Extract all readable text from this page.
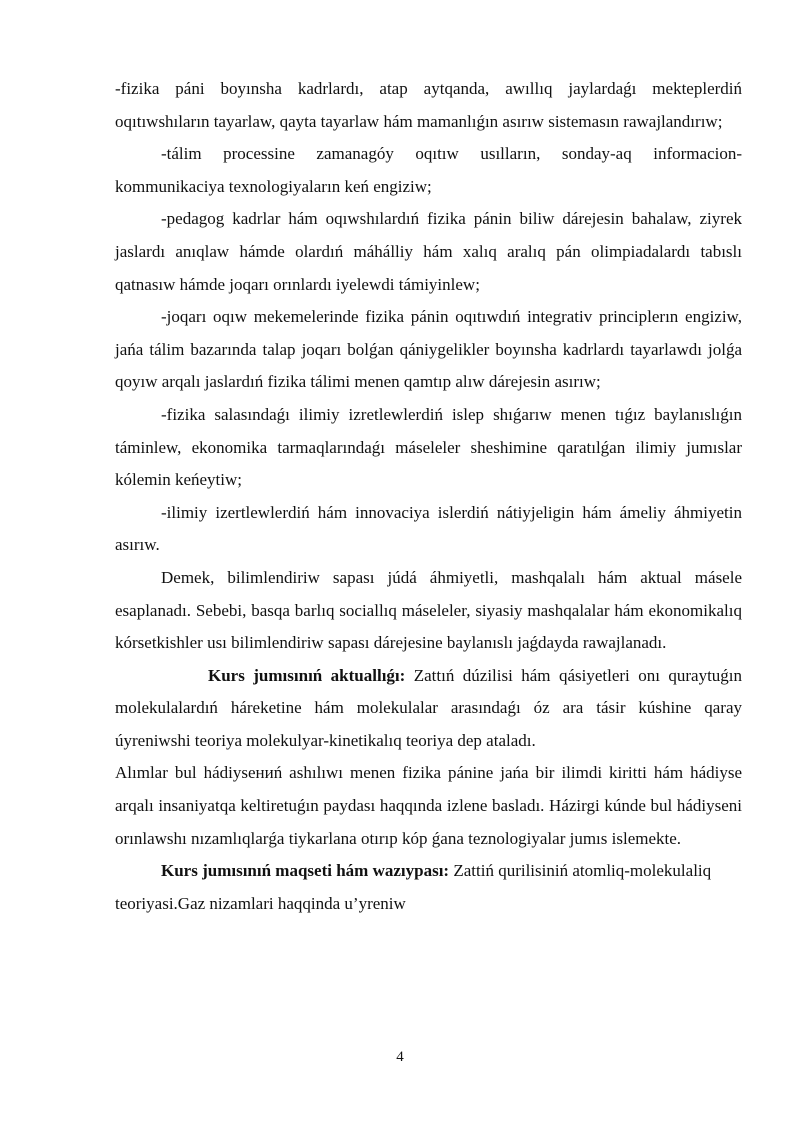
-fizika páni boyınsha kadrlardı, atap aytqanda, awıllıq jaylardaǵı mekteplerdiń oqıtıwshıların tayarlaw, qayta tayarlaw hám mamanlıǵın asırıw sistemasın rawajlandırıw;

-tálim processine zamanagóy oqıtıw usılların, sonday-aq informacion-kommunikaciya texnologiyaların keń engiziw;

-pedagog kadrlar hám oqıwshılardıń fizika pánin biliw dárejesin bahalaw, ziyrek jaslardı anıqlaw hámde olardıń máhálliy hám xalıq aralıq pán olimpiadalardı tabıslı qatnasıw hámde joqarı orınlardı iyelewdi támiyinlew;

-joqarı oqıw mekemelerinde fizika pánin oqıtıwdıń integrativ principlerın engiziw, jańa tálim bazarında talap joqarı bolǵan qániygelikler boyınsha kadrlardı tayarlawdı jolǵa qoyıw arqalı jaslardıń fizika tálimi menen qamtıp alıw dárejesin asırıw;

-fizika salasındaǵı ilimiy izretlewlerdiń islep shıǵarıw menen tıǵız baylanıslıǵın táminlew, ekonomika tarmaqlarındaǵı máseleler sheshimine qaratılǵan ilimiy jumıslar kólemin keńeytiw;

-ilimiy izertlewlerdiń hám innovaciya islerdiń nátiyjeligin hám ámeliy áhmiyetin asırıw.

Demek, bilimlendiriw sapası júdá áhmiyetli, mashqalalı hám aktual másele esaplanadı. Sebebi, basqa barlıq sociallıq máseleler, siyasiy mashqalalar hám ekonomikalıq kórsetkishler usı bilimlendiriw sapası dárejesine baylanıslı jaǵdayda rawajlanadı.

Kurs jumısınıń aktuallıǵı: Zattıń dúzilisi hám qásiyetleri onı quraytuǵın molekulalardıń háreketine hám molekulalar arasındaǵı óz ara tásir kúshine qaray úyreniwshi teoriya molekulyar-kinetikalıq teoriya dep ataladı.

Alımlar bul hádiysениń ashılıwı menen fizika pánine jańa bir ilimdi kiritti hám hádiyse arqalı insaniyatqa keltiretuǵın paydası haqqında izlene basladı. Házirgi kúnde bul hádiyseni orınlawshı nızamlıqlarǵa tiykarlana otırıp kóp ǵana teznologiyalar jumıs islemekte.

Kurs jumısınıń maqseti hám wazıypası: Zattiń qurilisiniń atomliq-molekulaliq teoriyasi.Gaz nizamlari haqqinda u’yreniw

4
